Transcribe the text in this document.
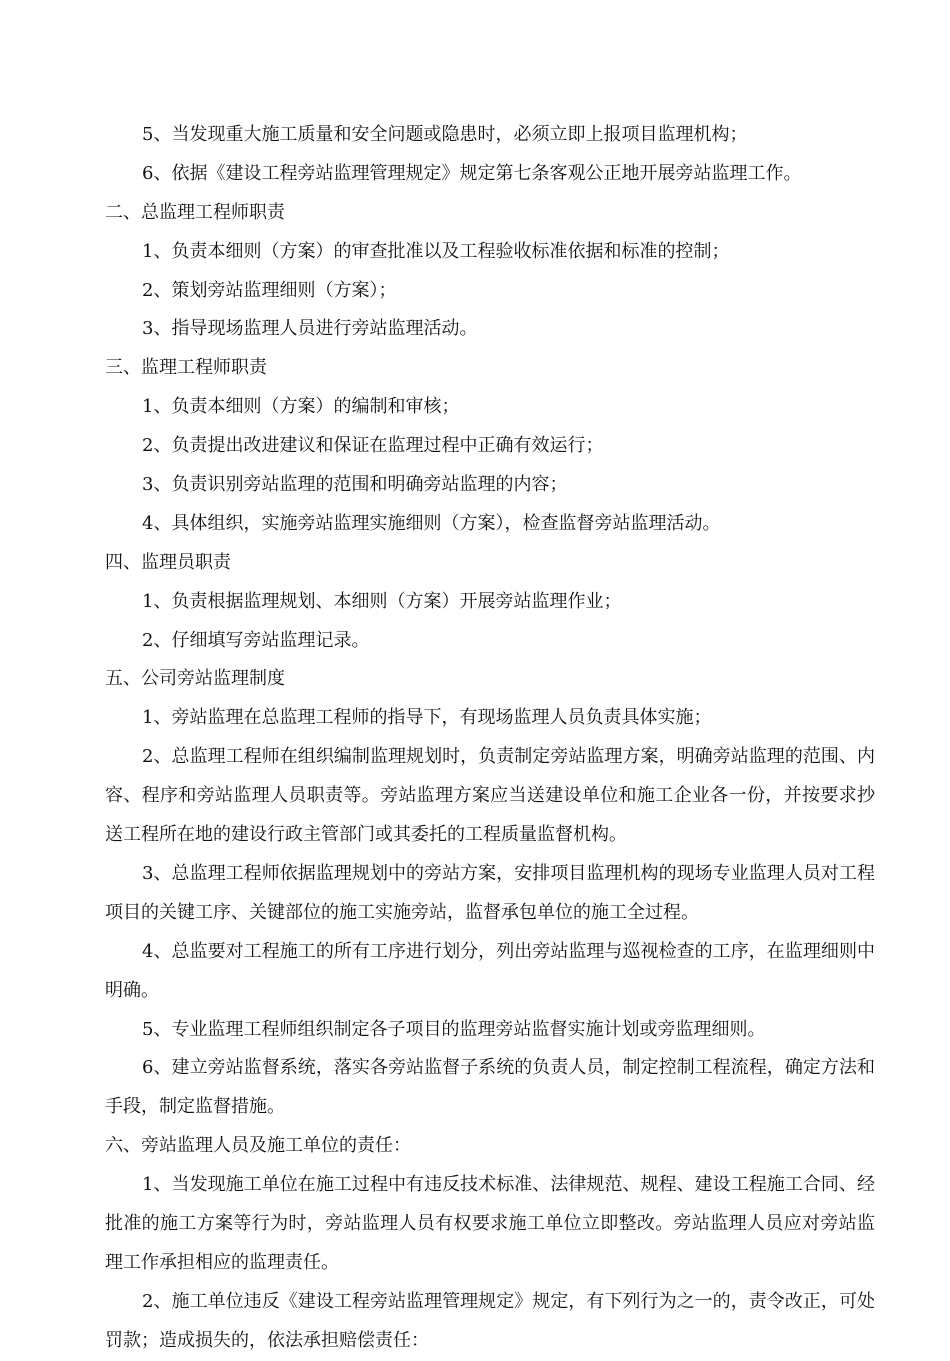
5、当发现重大施工质量和安全问题或隐患时，必须立即上报项目监理机构；
6、依据《建设工程旁站监理管理规定》规定第七条客观公正地开展旁站监理工作。
二、总监理工程师职责
1、负责本细则（方案）的审查批准以及工程验收标准依据和标准的控制；
2、策划旁站监理细则（方案）；
3、指导现场监理人员进行旁站监理活动。
三、监理工程师职责
1、负责本细则（方案）的编制和审核；
2、负责提出改进建议和保证在监理过程中正确有效运行；
3、负责识别旁站监理的范围和明确旁站监理的内容；
4、具体组织，实施旁站监理实施细则（方案），检查监督旁站监理活动。
四、监理员职责
1、负责根据监理规划、本细则（方案）开展旁站监理作业；
2、仔细填写旁站监理记录。
五、公司旁站监理制度
1、旁站监理在总监理工程师的指导下，有现场监理人员负责具体实施；
2、总监理工程师在组织编制监理规划时，负责制定旁站监理方案，明确旁站监理的范围、内容、程序和旁站监理人员职责等。旁站监理方案应当送建设单位和施工企业各一份，并按要求抄送工程所在地的建设行政主管部门或其委托的工程质量监督机构。
3、总监理工程师依据监理规划中的旁站方案，安排项目监理机构的现场专业监理人员对工程项目的关键工序、关键部位的施工实施旁站，监督承包单位的施工全过程。
4、总监要对工程施工的所有工序进行划分，列出旁站监理与巡视检查的工序，在监理细则中明确。
5、专业监理工程师组织制定各子项目的监理旁站监督实施计划或旁监理细则。
6、建立旁站监督系统，落实各旁站监督子系统的负责人员，制定控制工程流程，确定方法和手段，制定监督措施。
六、旁站监理人员及施工单位的责任：
1、当发现施工单位在施工过程中有违反技术标准、法律规范、规程、建设工程施工合同、经批准的施工方案等行为时，旁站监理人员有权要求施工单位立即整改。旁站监理人员应对旁站监理工作承担相应的监理责任。
2、施工单位违反《建设工程旁站监理管理规定》规定，有下列行为之一的，责令改正，可处罚款；造成损失的，依法承担赔偿责任：
